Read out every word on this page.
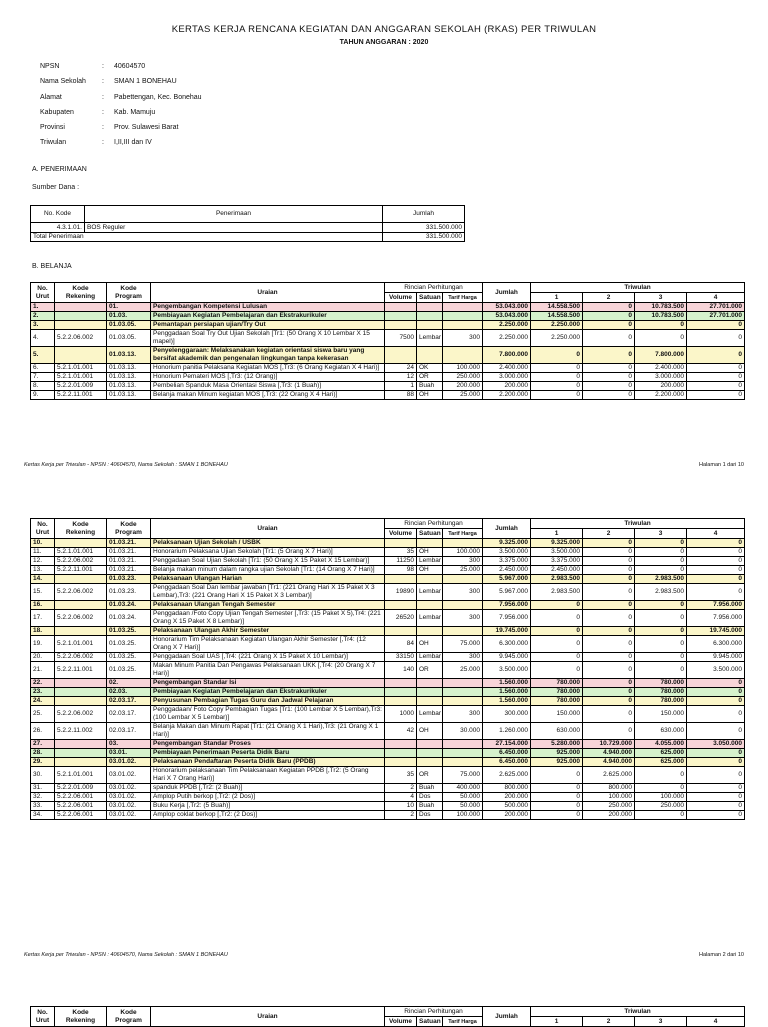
KERTAS KERJA RENCANA KEGIATAN DAN ANGGARAN SEKOLAH (RKAS) PER TRIWULAN
TAHUN ANGGARAN : 2020
NPSN	:	40604570
Nama Sekolah	:	SMAN 1 BONEHAU
Alamat	:	Pabettengan, Kec. Bonehau
Kabupaten	:	Kab. Mamuju
Provinsi	:	Prov. Sulawesi Barat
Triwulan	:	I,II,III dan IV
A. PENERIMAAN
Sumber Dana :
No. Kode	Penerimaan	Jumlah
4.3.1.01.	BOS Reguler	331.500.000
Total Penerimaan		331.500.000
B. BELANJA
No. Urut	Kode Rekening	Kode Program	Uraian	Rincian Perhitungan			Jumlah	Triwulan			
				Volume	Satuan	Tarif Harga		1	2	3	4
1.		01.	Pengembangan Kompetensi Lulusan				53.043.000	14.558.500	0	10.783.500	27.701.000
2.		01.03.	Pembiayaan Kegiatan Pembelajaran dan Ekstrakurikuler				53.043.000	14.558.500	0	10.783.500	27.701.000
3.		01.03.05.	Pemantapan persiapan ujian/Try Out				2.250.000	2.250.000	0	0	0
4.	5.2.2.06.002	01.03.05.	Penggadaan Soal Try Out Ujian Sekolah [Tr1: (50 Orang X 10 Lembar X 15 mapel)]	7500	Lembar	300	2.250.000	2.250.000	0	0	0
5.		01.03.13.	Penyelenggaraan: Melaksanakan kegiatan orientasi siswa baru yang bersifat akademik dan pengenalan lingkungan tanpa kekerasan				7.800.000	0	0	7.800.000	0
6.	5.2.1.01.001	01.03.13.	Honorium panitia Pelaksana Kegiatan MOS [,Tr3: (6 Orang Kegiatan X 4 Hari)]	24	OK	100.000	2.400.000	0	0	2.400.000	0
7.	5.2.1.01.001	01.03.13.	Honorium Pemateri MOS [,Tr3: (12 Orang)]	12	OR	250.000	3.000.000	0	0	3.000.000	0
8.	5.2.2.01.009	01.03.13.	Pembelian Spanduk Masa Orientasi Siswa [,Tr3: (1 Buah)]	1	Buah	200.000	200.000	0	0	200.000	0
9.	5.2.2.11.001	01.03.13.	Belanja makan Minum kegiatan MOS [,Tr3: (22 Orang X 4 Hari)]	88	OH	25.000	2.200.000	0	0	2.200.000	0
Kertas Kerja per Triwulan - NPSN : 40604570, Nama Sekolah : SMAN 1 BONEHAU	Halaman 1 dari 10
No. Urut	Kode Rekening	Kode Program	Uraian	Rincian Perhitungan			Jumlah	Triwulan			
				Volume	Satuan	Tarif Harga		1	2	3	4
10.		01.03.21.	Pelaksanaan Ujian Sekolah / USBK				9.325.000	9.325.000	0	0	0
11.	5.2.1.01.001	01.03.21.	Honorarium Pelaksana Ujian Sekolah [Tr1: (5 Orang X 7 Hari)]	35	OH	100.000	3.500.000	3.500.000	0	0	0
12.	5.2.2.06.002	01.03.21.	Penggadaan Soal Ujian Sekolah [Tr1: (50 Orang X 15 Paket X 15 Lembar)]	11250	Lembar	300	3.375.000	3.375.000	0	0	0
13.	5.2.2.11.001	01.03.21.	Belanja makan minum dalam rangka ujian Sekolah [Tr1: (14 Orang X 7 Hari)]	98	OH	25.000	2.450.000	2.450.000	0	0	0
14.		01.03.23.	Pelaksanaan Ulangan Harian				5.967.000	2.983.500	0	2.983.500	0
15.	5.2.2.06.002	01.03.23.	Penggadaan Soal Dan lembar jawaban [Tr1: (221 Orang Hari X 15 Paket X 3 Lembar),Tr3: (221 Orang Hari X 15 Paket X 3 Lembar)]	19890	Lembar	300	5.967.000	2.983.500	0	2.983.500	0
16.		01.03.24.	Pelaksanaan Ulangan Tengah Semester				7.956.000	0	0	0	7.956.000
17.	5.2.2.06.002	01.03.24.	Penggadaan /Foto Copy Ujian Tengah Semester [,Tr3: (15 Paket X 5),Tr4: (221 Orang X 15 Paket X 8 Lembar)]	26520	Lembar	300	7.956.000	0	0	0	7.956.000
18.		01.03.25.	Pelaksanaan Ulangan Akhir Semester				19.745.000	0	0	0	19.745.000
19.	5.2.1.01.001	01.03.25.	Honorarium Tim Pelaksanaan Kegiatan Ulangan Akhir Semester [,Tr4: (12 Orang X 7 Hari)]	84	OH	75.000	6.300.000	0	0	0	6.300.000
20.	5.2.2.06.002	01.03.25.	Penggadaan Soal UAS [,Tr4: (221 Orang X 15 Paket X 10 Lembar)]	33150	Lembar	300	9.945.000	0	0	0	9.945.000
21.	5.2.2.11.001	01.03.25.	Makan Minum Panitia Dan Pengawas Pelaksanaan UKK [,Tr4: (20 Orang X 7 Hari)]	140	OR	25.000	3.500.000	0	0	0	3.500.000
22.		02.	Pengembangan Standar Isi				1.560.000	780.000	0	780.000	0
23.		02.03.	Pembiayaan Kegiatan Pembelajaran dan Ekstrakurikuler				1.560.000	780.000	0	780.000	0
24.		02.03.17.	Penyusunan Pembagian Tugas Guru dan Jadwal Pelajaran				1.560.000	780.000	0	780.000	0
25.	5.2.2.06.002	02.03.17.	Penggadaan/ Foto Copy Pembagian Tugas [Tr1: (100 Lembar X 5 Lembar),Tr3: (100 Lembar X 5 Lembar)]	1000	Lembar	300	300.000	150.000	0	150.000	0
26.	5.2.2.11.002	02.03.17.	Belanja Makan dan Minum Rapat [Tr1: (21 Orang X 1 Hari),Tr3: (21 Orang X 1 Hari)]	42	OH	30.000	1.260.000	630.000	0	630.000	0
27.		03.	Pengembangan Standar Proses				27.154.000	5.280.000	10.729.000	4.055.000	3.050.000
28.		03.01.	Pembiayaan Penerimaan Peserta Didik Baru				6.450.000	925.000	4.940.000	625.000	0
29.		03.01.02.	Pelaksanaan Pendaftaran Peserta Didik Baru (PPDB)				6.450.000	925.000	4.940.000	625.000	0
30.	5.2.1.01.001	03.01.02.	Honorarium pelaksanaan Tim Pelaksanaan Kegiatan PPDB [,Tr2: (5 Orang Hari X 7 Orang Hari)]	35	OR	75.000	2.625.000	0	2.625.000	0	0
31.	5.2.2.01.009	03.01.02.	spanduk PPDB [,Tr2: (2 Buah)]	2	Buah	400.000	800.000	0	800.000	0	0
32.	5.2.2.06.001	03.01.02.	Amplop Putih berkop [,Tr2: (2 Dos)]	4	Dos	50.000	200.000	0	100.000	100.000	0
33.	5.2.2.06.001	03.01.02.	Buku Kerja [,Tr2: (5 Buah)]	10	Buah	50.000	500.000	0	250.000	250.000	0
34.	5.2.2.06.001	03.01.02.	Amplop coklat berkop [,Tr2: (2 Dos)]	2	Dos	100.000	200.000	0	200.000	0	0
Kertas Kerja per Triwulan - NPSN : 40604570, Nama Sekolah : SMAN 1 BONEHAU	Halaman 2 dari 10
No. Urut	Kode Rekening	Kode Program	Uraian	Rincian Perhitungan			Jumlah	Triwulan			
				Volume	Satuan	Tarif Harga		1	2	3	4
